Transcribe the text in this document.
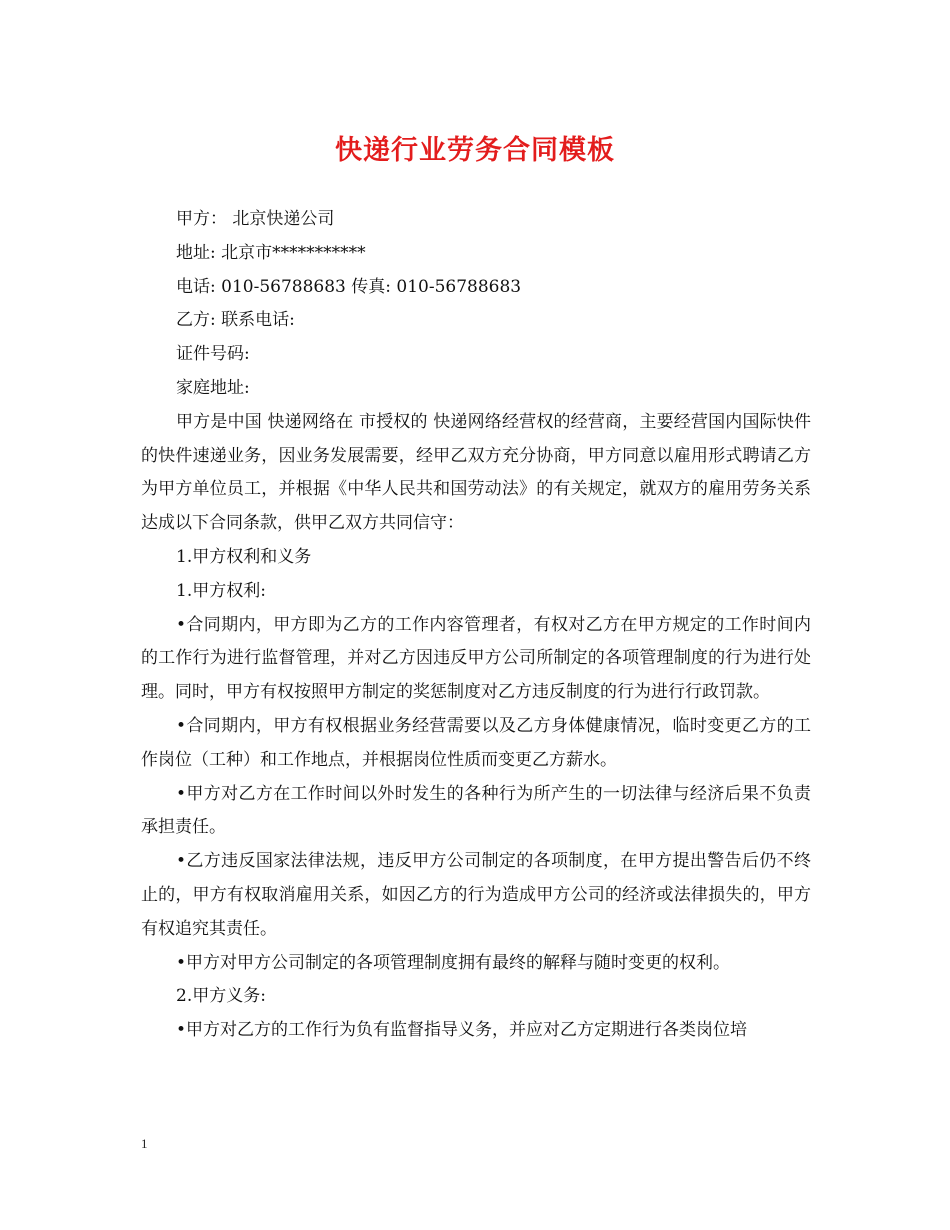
快递行业劳务合同模板
甲方： 北京快递公司
地址: 北京市***********
电话: 010-56788683 传真: 010-56788683
乙方: 联系电话:
证件号码:
家庭地址:
甲方是中国 快递网络在 市授权的 快递网络经营权的经营商，主要经营国内国际快件的快件速递业务，因业务发展需要，经甲乙双方充分协商，甲方同意以雇用形式聘请乙方为甲方单位员工，并根据《中华人民共和国劳动法》的有关规定，就双方的雇用劳务关系达成以下合同条款，供甲乙双方共同信守：
1.甲方权利和义务
1.甲方权利:
•合同期内，甲方即为乙方的工作内容管理者，有权对乙方在甲方规定的工作时间内的工作行为进行监督管理，并对乙方因违反甲方公司所制定的各项管理制度的行为进行处理。同时，甲方有权按照甲方制定的奖惩制度对乙方违反制度的行为进行行政罚款。
•合同期内，甲方有权根据业务经营需要以及乙方身体健康情况，临时变更乙方的工作岗位（工种）和工作地点，并根据岗位性质而变更乙方薪水。
•甲方对乙方在工作时间以外时发生的各种行为所产生的一切法律与经济后果不负责承担责任。
•乙方违反国家法律法规，违反甲方公司制定的各项制度，在甲方提出警告后仍不终止的，甲方有权取消雇用关系，如因乙方的行为造成甲方公司的经济或法律损失的，甲方有权追究其责任。
•甲方对甲方公司制定的各项管理制度拥有最终的解释与随时变更的权利。
2.甲方义务:
•甲方对乙方的工作行为负有监督指导义务，并应对乙方定期进行各类岗位培
1
